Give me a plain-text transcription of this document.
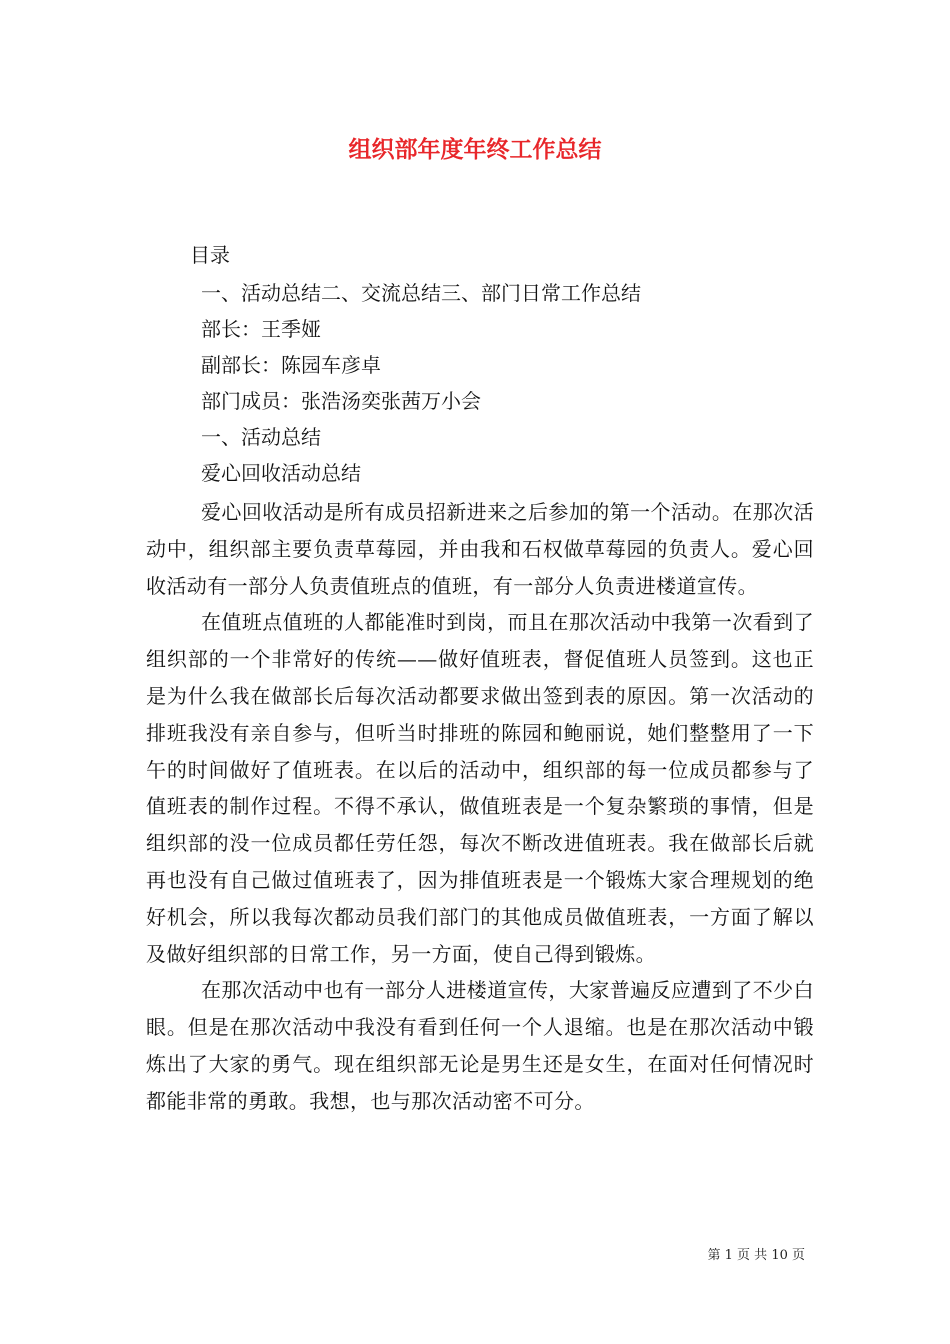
组织部年度年终工作总结

目录

一、活动总结二、交流总结三、部门日常工作总结

部长：王季娅

副部长：陈园车彦卓

部门成员：张浩汤奕张茜万小会

一、活动总结

爱心回收活动总结

爱心回收活动是所有成员招新进来之后参加的第一个活动。在那次活动中，组织部主要负责草莓园，并由我和石权做草莓园的负责人。爱心回收活动有一部分人负责值班点的值班，有一部分人负责进楼道宣传。

在值班点值班的人都能准时到岗，而且在那次活动中我第一次看到了组织部的一个非常好的传统——做好值班表，督促值班人员签到。这也正是为什么我在做部长后每次活动都要求做出签到表的原因。第一次活动的排班我没有亲自参与，但听当时排班的陈园和鲍丽说，她们整整用了一下午的时间做好了值班表。在以后的活动中，组织部的每一位成员都参与了值班表的制作过程。不得不承认，做值班表是一个复杂繁琐的事情，但是组织部的没一位成员都任劳任怨，每次不断改进值班表。我在做部长后就再也没有自己做过值班表了，因为排值班表是一个锻炼大家合理规划的绝好机会，所以我每次都动员我们部门的其他成员做值班表，一方面了解以及做好组织部的日常工作，另一方面，使自己得到锻炼。

在那次活动中也有一部分人进楼道宣传，大家普遍反应遭到了不少白眼。但是在那次活动中我没有看到任何一个人退缩。也是在那次活动中锻炼出了大家的勇气。现在组织部无论是男生还是女生，在面对任何情况时都能非常的勇敢。我想，也与那次活动密不可分。

第 1 页 共 10 页
